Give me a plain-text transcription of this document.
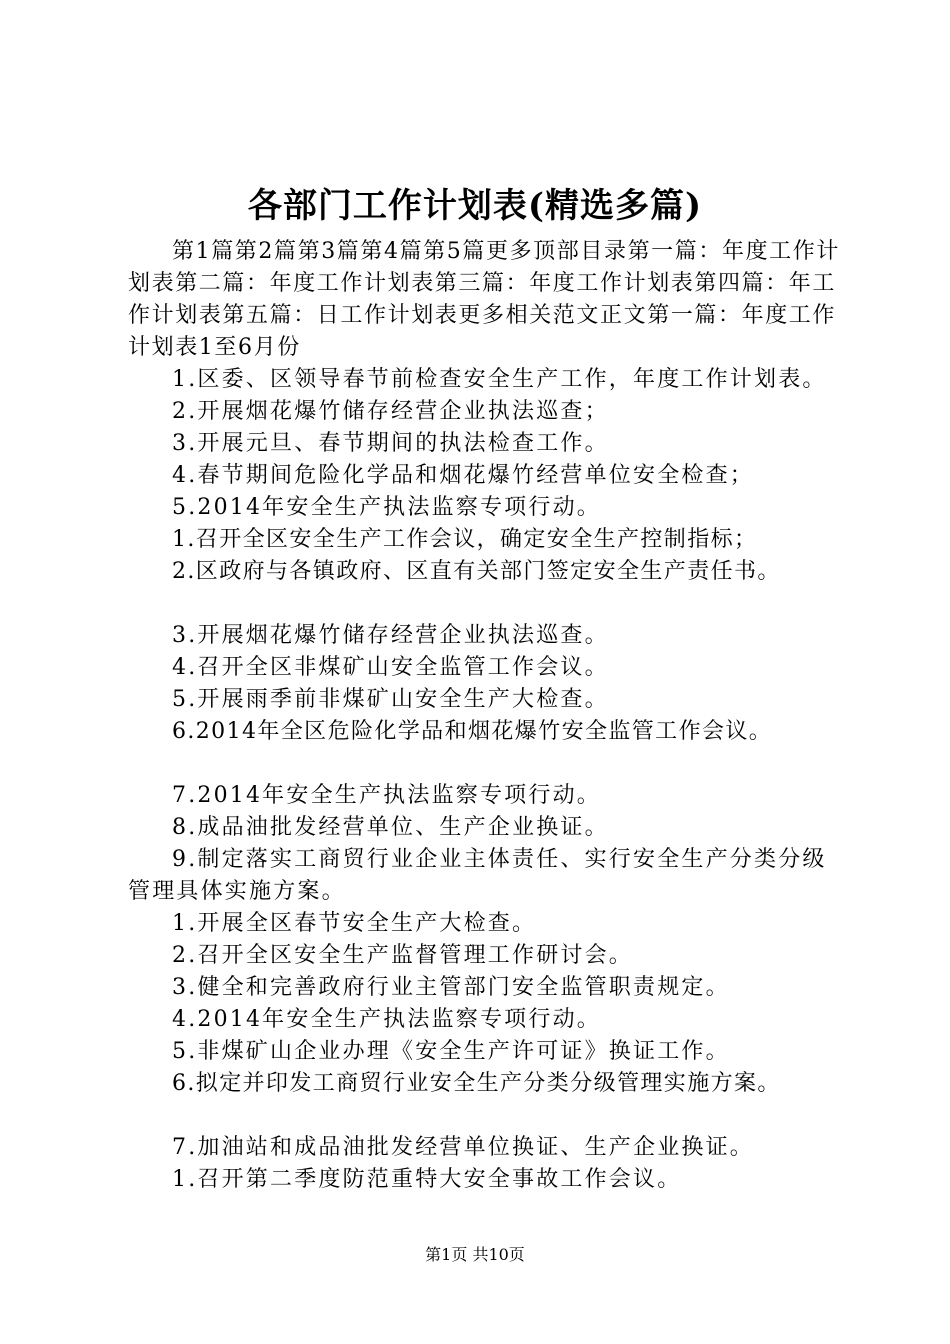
各部门工作计划表(精选多篇)

第1篇第2篇第3篇第4篇第5篇更多顶部目录第一篇：年度工作计划表第二篇：年度工作计划表第三篇：年度工作计划表第四篇：年工作计划表第五篇：日工作计划表更多相关范文正文第一篇：年度工作计划表1至6月份

1.区委、区领导春节前检查安全生产工作，年度工作计划表。

2.开展烟花爆竹储存经营企业执法巡查；

3.开展元旦、春节期间的执法检查工作。

4.春节期间危险化学品和烟花爆竹经营单位安全检查；

5.2014年安全生产执法监察专项行动。

1.召开全区安全生产工作会议，确定安全生产控制指标；

2.区政府与各镇政府、区直有关部门签定安全生产责任书。

3.开展烟花爆竹储存经营企业执法巡查。

4.召开全区非煤矿山安全监管工作会议。

5.开展雨季前非煤矿山安全生产大检查。

6.2014年全区危险化学品和烟花爆竹安全监管工作会议。

7.2014年安全生产执法监察专项行动。

8.成品油批发经营单位、生产企业换证。

9.制定落实工商贸行业企业主体责任、实行安全生产分类分级管理具体实施方案。

1.开展全区春节安全生产大检查。

2.召开全区安全生产监督管理工作研讨会。

3.健全和完善政府行业主管部门安全监管职责规定。

4.2014年安全生产执法监察专项行动。

5.非煤矿山企业办理《安全生产许可证》换证工作。

6.拟定并印发工商贸行业安全生产分类分级管理实施方案。

7.加油站和成品油批发经营单位换证、生产企业换证。

1.召开第二季度防范重特大安全事故工作会议。

第1页 共10页
